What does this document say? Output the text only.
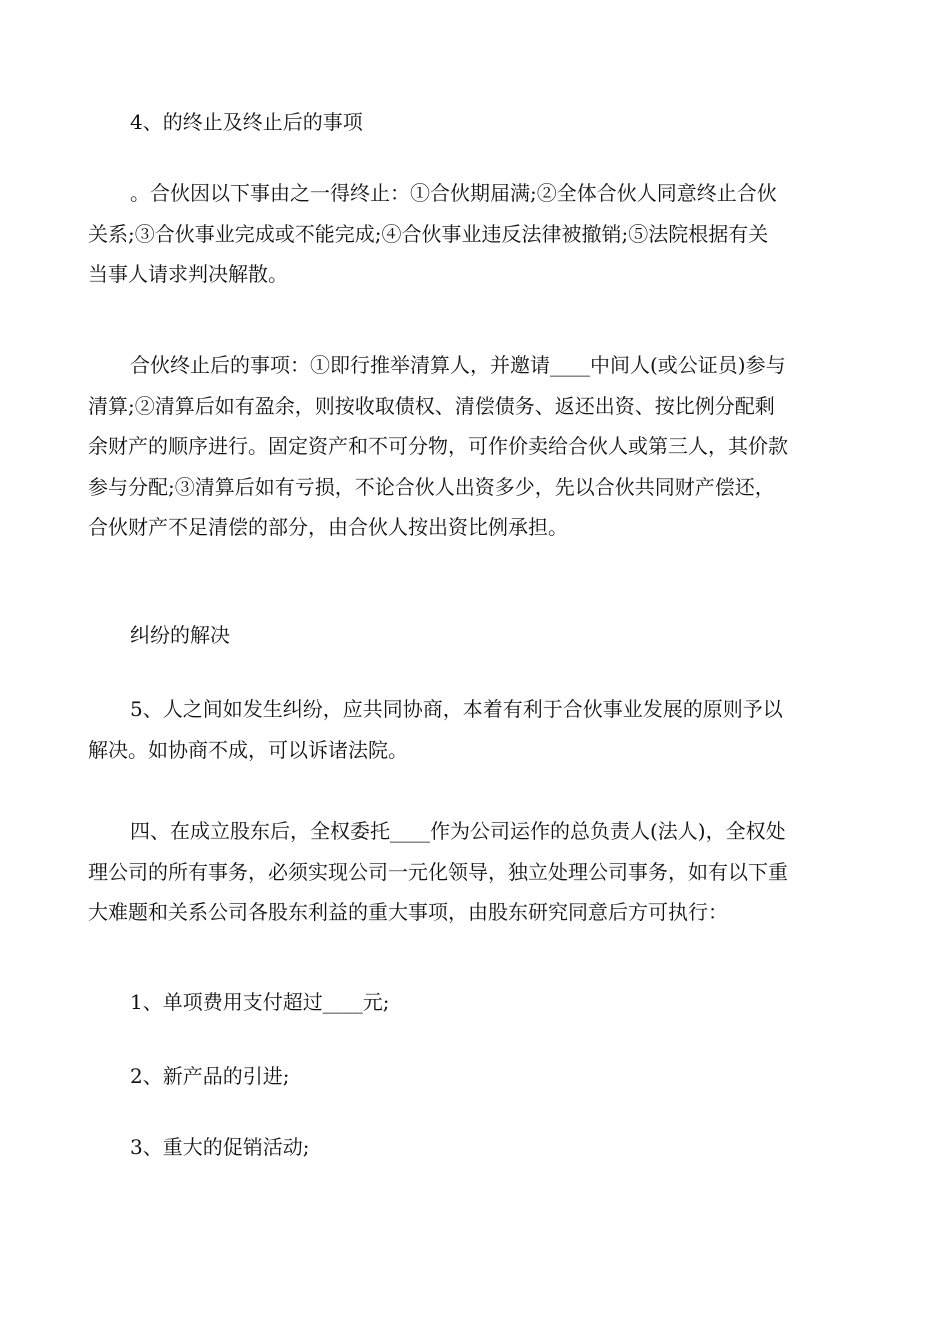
4、的终止及终止后的事项

。合伙因以下事由之一得终止：①合伙期届满;②全体合伙人同意终止合伙
关系;③合伙事业完成或不能完成;④合伙事业违反法律被撤销;⑤法院根据有关
当事人请求判决解散。

合伙终止后的事项：①即行推举清算人，并邀请____中间人(或公证员)参与
清算;②清算后如有盈余，则按收取债权、清偿债务、返还出资、按比例分配剩
余财产的顺序进行。固定资产和不可分物，可作价卖给合伙人或第三人，其价款
参与分配;③清算后如有亏损，不论合伙人出资多少，先以合伙共同财产偿还，
合伙财产不足清偿的部分，由合伙人按出资比例承担。

纠纷的解决

5、人之间如发生纠纷，应共同协商，本着有利于合伙事业发展的原则予以
解决。如协商不成，可以诉诸法院。

四、在成立股东后，全权委托____作为公司运作的总负责人(法人)，全权处
理公司的所有事务，必须实现公司一元化领导，独立处理公司事务，如有以下重
大难题和关系公司各股东利益的重大事项，由股东研究同意后方可执行：

1、单项费用支付超过____元;

2、新产品的引进;

3、重大的促销活动;
